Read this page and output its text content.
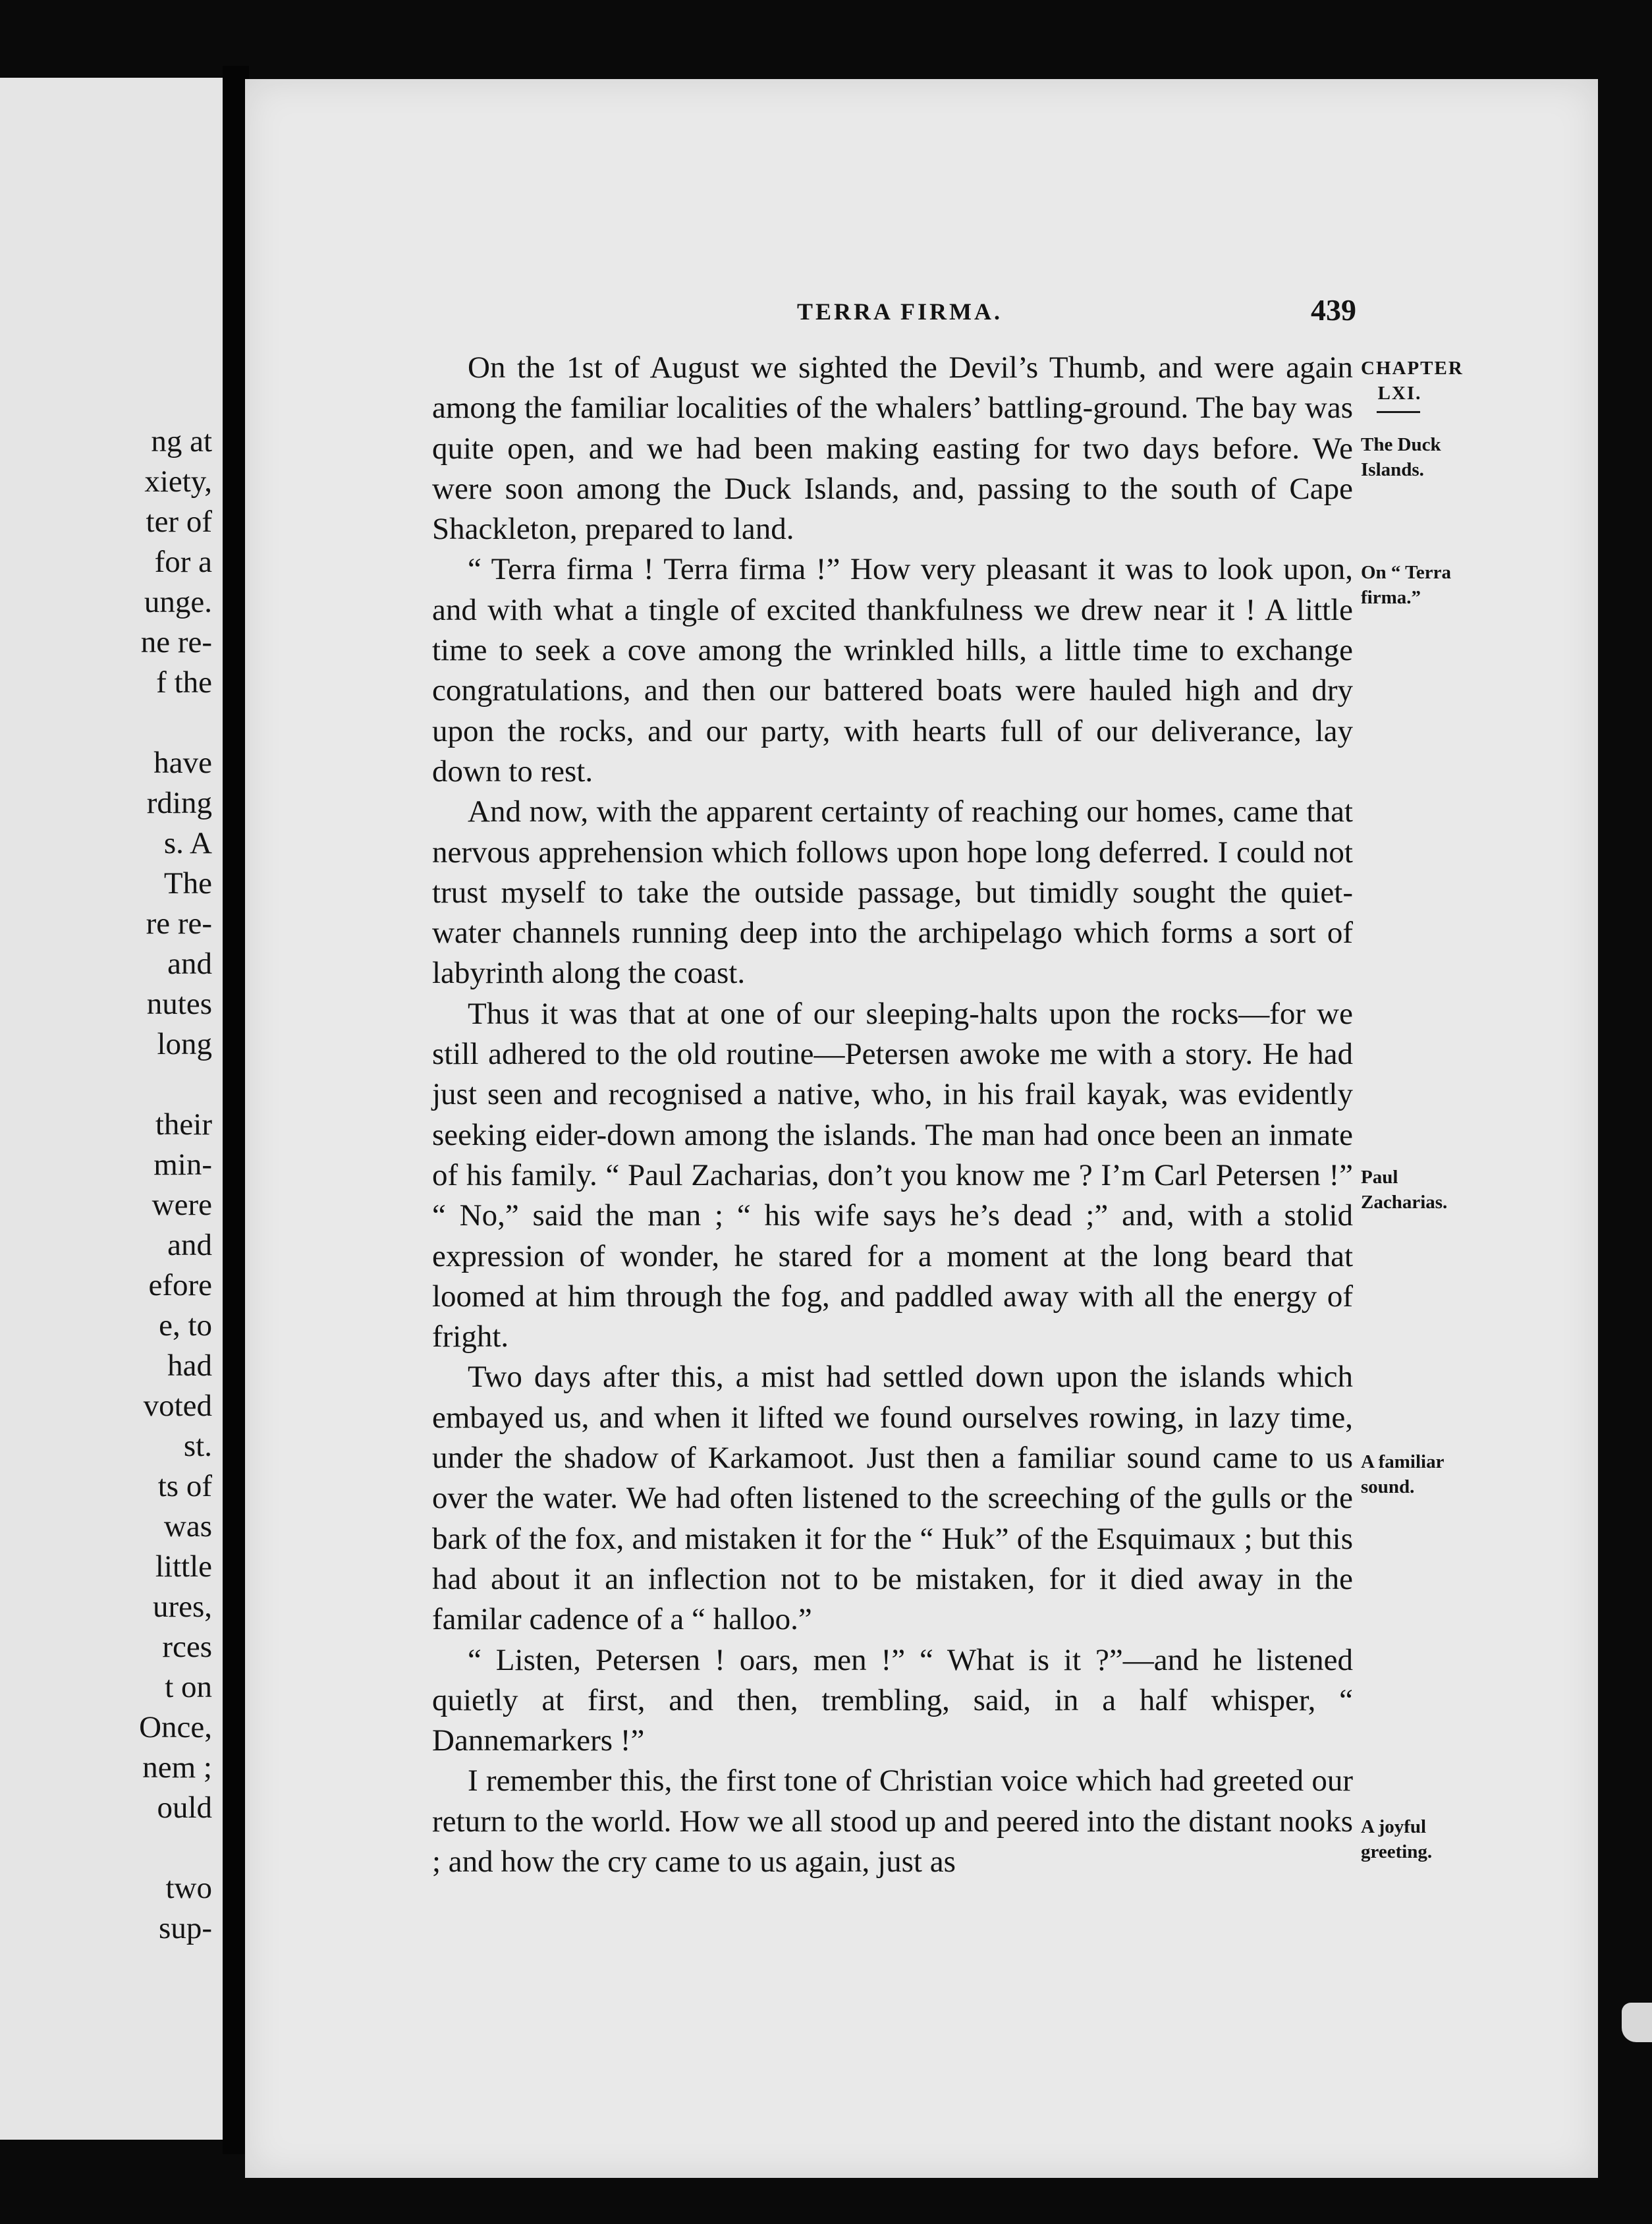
ng at
xiety,
ter of
for a
unge.
ne re-
f the
have
rding
s. A
The
re re-
and
nutes
long
their
min-
were
and
efore
e, to
had
voted
st.
ts of
was
little
ures,
rces
t on
Once,
nem ;
ould
two
sup-
TERRA FIRMA.	439

On the 1st of August we sighted the Devil’s Thumb, and were again among the familiar localities of the whalers’ battling-ground. The bay was quite open, and we had been making easting for two days before. We were soon among the Duck Islands, and, passing to the south of Cape Shackleton, prepared to land.

“ Terra firma ! Terra firma !” How very pleasant it was to look upon, and with what a tingle of excited thankfulness we drew near it ! A little time to seek a cove among the wrinkled hills, a little time to exchange congratulations, and then our battered boats were hauled high and dry upon the rocks, and our party, with hearts full of our deliverance, lay down to rest.

And now, with the apparent certainty of reaching our homes, came that nervous apprehension which follows upon hope long deferred. I could not trust myself to take the outside passage, but timidly sought the quiet-water channels running deep into the archipelago which forms a sort of labyrinth along the coast.

Thus it was that at one of our sleeping-halts upon the rocks—for we still adhered to the old routine—Petersen awoke me with a story. He had just seen and recognised a native, who, in his frail kayak, was evidently seeking eider-down among the islands. The man had once been an inmate of his family. “ Paul Zacharias, don’t you know me ? I’m Carl Petersen !” “ No,” said the man ; “ his wife says he’s dead ;” and, with a stolid expression of wonder, he stared for a moment at the long beard that loomed at him through the fog, and paddled away with all the energy of fright.

Two days after this, a mist had settled down upon the islands which embayed us, and when it lifted we found ourselves rowing, in lazy time, under the shadow of Karkamoot. Just then a familiar sound came to us over the water. We had often listened to the screeching of the gulls or the bark of the fox, and mistaken it for the “ Huk” of the Esquimaux ; but this had about it an inflection not to be mistaken, for it died away in the familar cadence of a “ halloo.”

“ Listen, Petersen ! oars, men !” “ What is it ?”—and he listened quietly at first, and then, trembling, said, in a half whisper, “ Dannemarkers !”

I remember this, the first tone of Christian voice which had greeted our return to the world. How we all stood up and peered into the distant nooks ; and how the cry came to us again, just as

CHAPTER
LXI.
The Duck
Islands.
On “ Terra
firma.”
Paul
Zacharias.
A familiar
sound.
A joyful
greeting.
